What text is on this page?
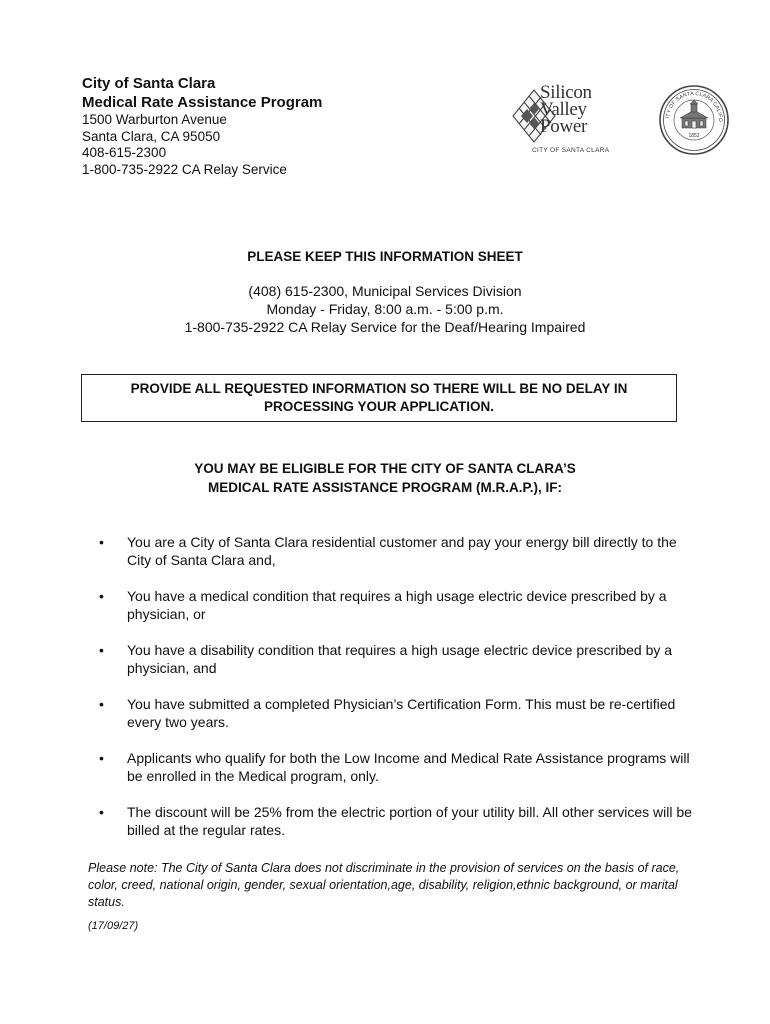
City of Santa Clara
Medical Rate Assistance Program
1500 Warburton Avenue
Santa Clara, CA 95050
408-615-2300
1-800-735-2922 CA Relay Service
Silicon
Valley
Power
CITY OF SANTA CLARA
ITY OF SANTA CLARA CALIFO
1852
PLEASE KEEP THIS INFORMATION SHEET
(408) 615-2300, Municipal Services Division
Monday - Friday, 8:00 a.m. - 5:00 p.m.
1-800-735-2922 CA Relay Service for the Deaf/Hearing Impaired
PROVIDE ALL REQUESTED INFORMATION SO THERE WILL BE NO DELAY IN
PROCESSING YOUR APPLICATION.
YOU MAY BE ELIGIBLE FOR THE CITY OF SANTA CLARA’S
MEDICAL RATE ASSISTANCE PROGRAM (M.R.A.P.), IF:
• You are a City of Santa Clara residential customer and pay your energy bill directly to the City of Santa Clara and,
• You have a medical condition that requires a high usage electric device prescribed by a physician, or
• You have a disability condition that requires a high usage electric device prescribed by a physician, and
• You have submitted a completed Physician’s Certification Form. This must be re-certified every two years.
• Applicants who qualify for both the Low Income and Medical Rate Assistance programs will be enrolled in the Medical program, only.
• The discount will be 25% from the electric portion of your utility bill. All other services will be billed at the regular rates.
Please note: The City of Santa Clara does not discriminate in the provision of services on the basis of race, color, creed, national origin, gender, sexual orientation,age, disability, religion,ethnic background, or marital status.
(17/09/27)
